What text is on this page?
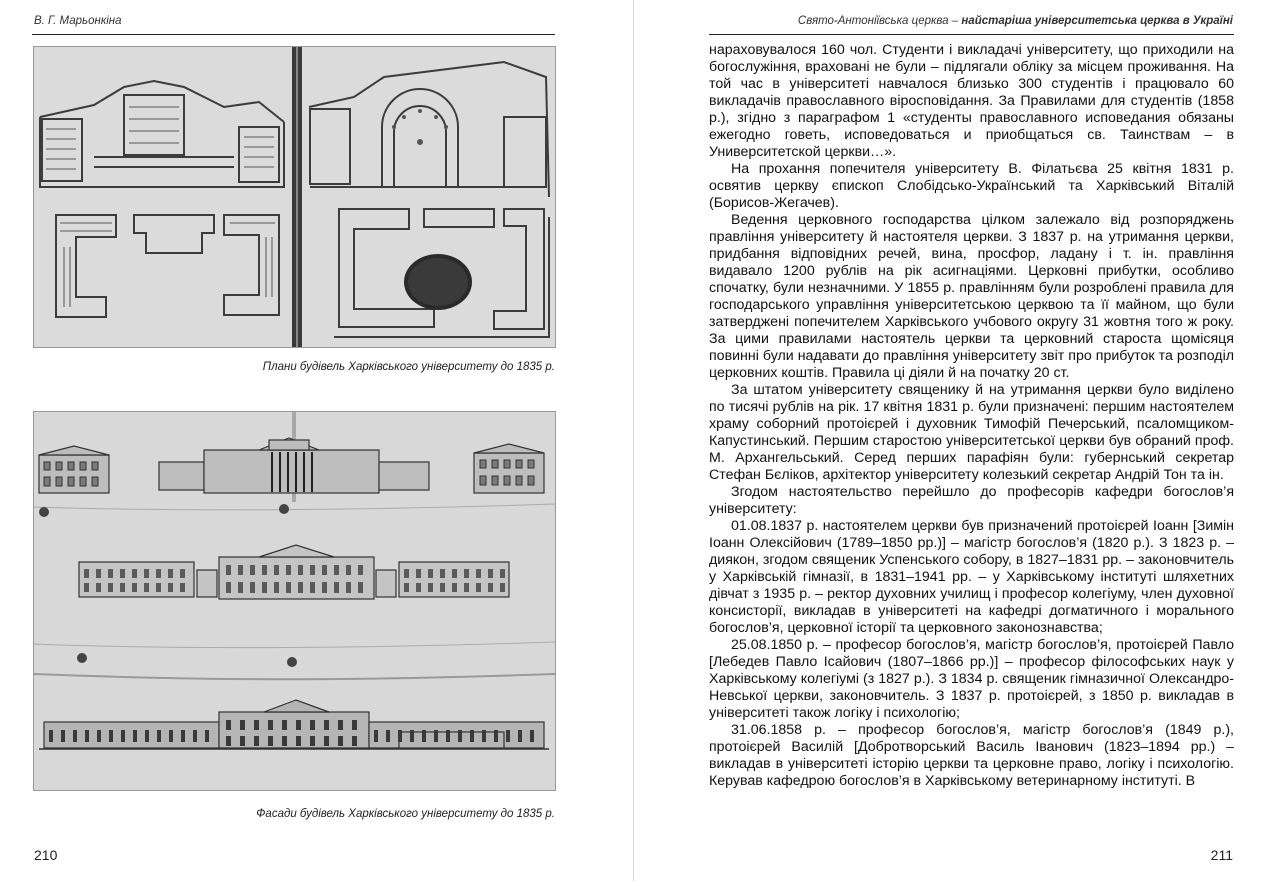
В. Г. Марьонкіна
Плани будівель Харківського університету до 1835 р.
Фасади будівель Харківського університету до 1835 р.
210
Свято-Антоніївська церква – найстаріша університетська церква в Україні

нараховувалося 160 чол. Студенти і викладачі університету, що приходили на богослужіння, враховані не були – підлягали обліку за місцем проживання. На той час в університеті навчалося близько 300 студентів і працювало 60 викладачів православного віросповідання. За Правилами для студентів (1858 р.), згідно з параграфом 1 «студенты православного исповедания обязаны ежегодно говеть, исповедоваться и приобщаться св. Таинствам – в Университетской церкви…».

На прохання попечителя університету В. Філатьєва 25 квітня 1831 р. освятив церкву єпископ Слобідсько-Український та Харківський Віталій (Борисов-Жегачев).

Ведення церковного господарства цілком залежало від розпоряджень правління університету й настоятеля церкви. З 1837 р. на утримання церкви, придбання відповідних речей, вина, просфор, ладану і т. ін. правління видавало 1200 рублів на рік асигнаціями. Церковні прибутки, особливо спочатку, були незначними. У 1855 р. правлінням були розроблені правила для господарського управління університетською церквою та її майном, що були затверджені попечителем Харківського учбового округу 31 жовтня того ж року. За цими правилами настоятель церкви та церковний староста щомісяця повинні були надавати до правління університету звіт про прибуток та розподіл церковних коштів. Правила ці діяли й на початку 20 ст.

За штатом університету священику й на утримання церкви було виділено по тисячі рублів на рік. 17 квітня 1831 р. були призначені: першим настоятелем храму соборний протоієрей і духовник Тимофій Печерський, псаломщиком-Капустинський. Першим старостою університетської церкви був обраний проф. М. Архангельський. Серед перших парафіян були: губернський секретар Стефан Бєліков, архітектор університету колезький секретар Андрій Тон та ін.

Згодом настоятельство перейшло до професорів кафедри богослов’я університету:

01.08.1837 р. настоятелем церкви був призначений протоієрей Іоанн [Зимін Іоанн Олексійович (1789–1850 рр.)] – магістр богослов’я (1820 р.). З 1823 р. – диякон, згодом священик Успенського собору, в 1827–1831 рр. – законовчитель у Харківській гімназії, в 1831–1941 рр. – у Харківському інституті шляхетних дівчат з 1935 р. – ректор духовних училищ і професор колегіуму, член духовної консисторії, викладав в університеті на кафедрі догматичного і морального богослов’я, церковної історії та церковного законознавства;

25.08.1850 р. – професор богослов’я, магістр богослов’я, протоієрей Павло [Лебедев Павло Ісайович (1807–1866 рр.)] – професор філософських наук у Харківському колегіумі (з 1827 р.). З 1834 р. священик гімназичної Олександро-Невської церкви, законовчитель. З 1837 р. протоієрей, з 1850 р. викладав в університеті також логіку і психологію;

31.06.1858 р. – професор богослов’я, магістр богослов’я (1849 р.), протоієрей Василій [Добротворський Василь Іванович (1823–1894 рр.) – викладав в університеті історію церкви та церковне право, логіку і психологію. Керував кафедрою богослов’я в Харківському ветеринарному інституті. В

211
